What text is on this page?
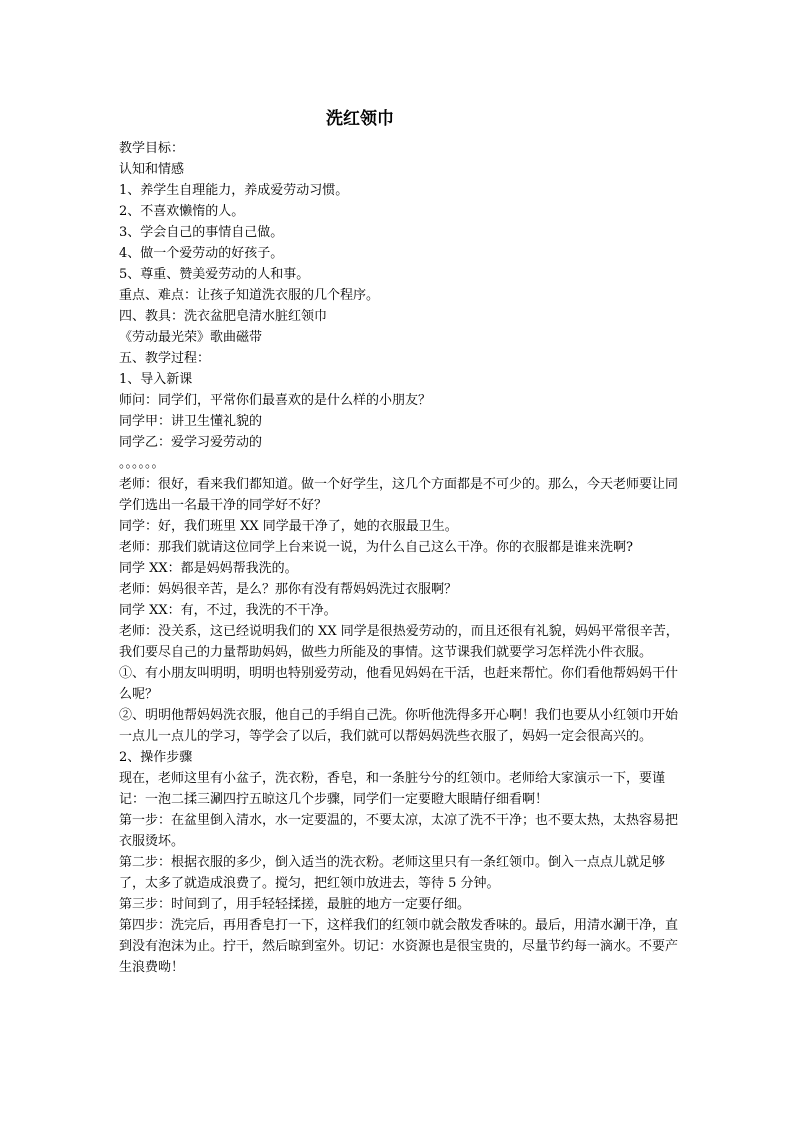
洗红领巾

教学目标：

认知和情感

1、养学生自理能力，养成爱劳动习惯。

2、不喜欢懒惰的人。

3、学会自己的事情自己做。

4、做一个爱劳动的好孩子。

5、尊重、赞美爱劳动的人和事。

重点、难点：让孩子知道洗衣服的几个程序。

四、教具：洗衣盆肥皂清水脏红领巾

《劳动最光荣》歌曲磁带

五、教学过程：

1、导入新课

师问：同学们，平常你们最喜欢的是什么样的小朋友？

同学甲：讲卫生懂礼貌的

同学乙：爱学习爱劳动的

。。。。。。

老师：很好，看来我们都知道。做一个好学生，这几个方面都是不可少的。那么，今天老师要让同学们选出一名最干净的同学好不好？

同学：好，我们班里 XX 同学最干净了，她的衣服最卫生。

老师：那我们就请这位同学上台来说一说，为什么自己这么干净。你的衣服都是谁来洗啊?

同学 XX：都是妈妈帮我洗的。

老师：妈妈很辛苦，是么？那你有没有帮妈妈洗过衣服啊？

同学 XX：有，不过，我洗的不干净。

老师：没关系，这已经说明我们的 XX 同学是很热爱劳动的，而且还很有礼貌，妈妈平常很辛苦，我们要尽自己的力量帮助妈妈，做些力所能及的事情。这节课我们就要学习怎样洗小件衣服。

①、有小朋友叫明明，明明也特别爱劳动，他看见妈妈在干活，也赶来帮忙。你们看他帮妈妈干什么呢？

②、明明他帮妈妈洗衣服，他自己的手绢自己洗。你听他洗得多开心啊！我们也要从小红领巾开始一点儿一点儿的学习，等学会了以后，我们就可以帮妈妈洗些衣服了，妈妈一定会很高兴的。

2、操作步骤

现在，老师这里有小盆子，洗衣粉，香皂，和一条脏兮兮的红领巾。老师给大家演示一下，要谨记：一泡二揉三涮四拧五晾这几个步骤，同学们一定要瞪大眼睛仔细看啊！

第一步：在盆里倒入清水，水一定要温的，不要太凉，太凉了洗不干净；也不要太热，太热容易把衣服烫坏。

第二步：根据衣服的多少，倒入适当的洗衣粉。老师这里只有一条红领巾。倒入一点点儿就足够了，太多了就造成浪费了。搅匀，把红领巾放进去，等待 5 分钟。

第三步：时间到了，用手轻轻揉搓，最脏的地方一定要仔细。

第四步：洗完后，再用香皂打一下，这样我们的红领巾就会散发香味的。最后，用清水涮干净，直到没有泡沫为止。拧干，然后晾到室外。切记：水资源也是很宝贵的，尽量节约每一滴水。不要产生浪费呦！
